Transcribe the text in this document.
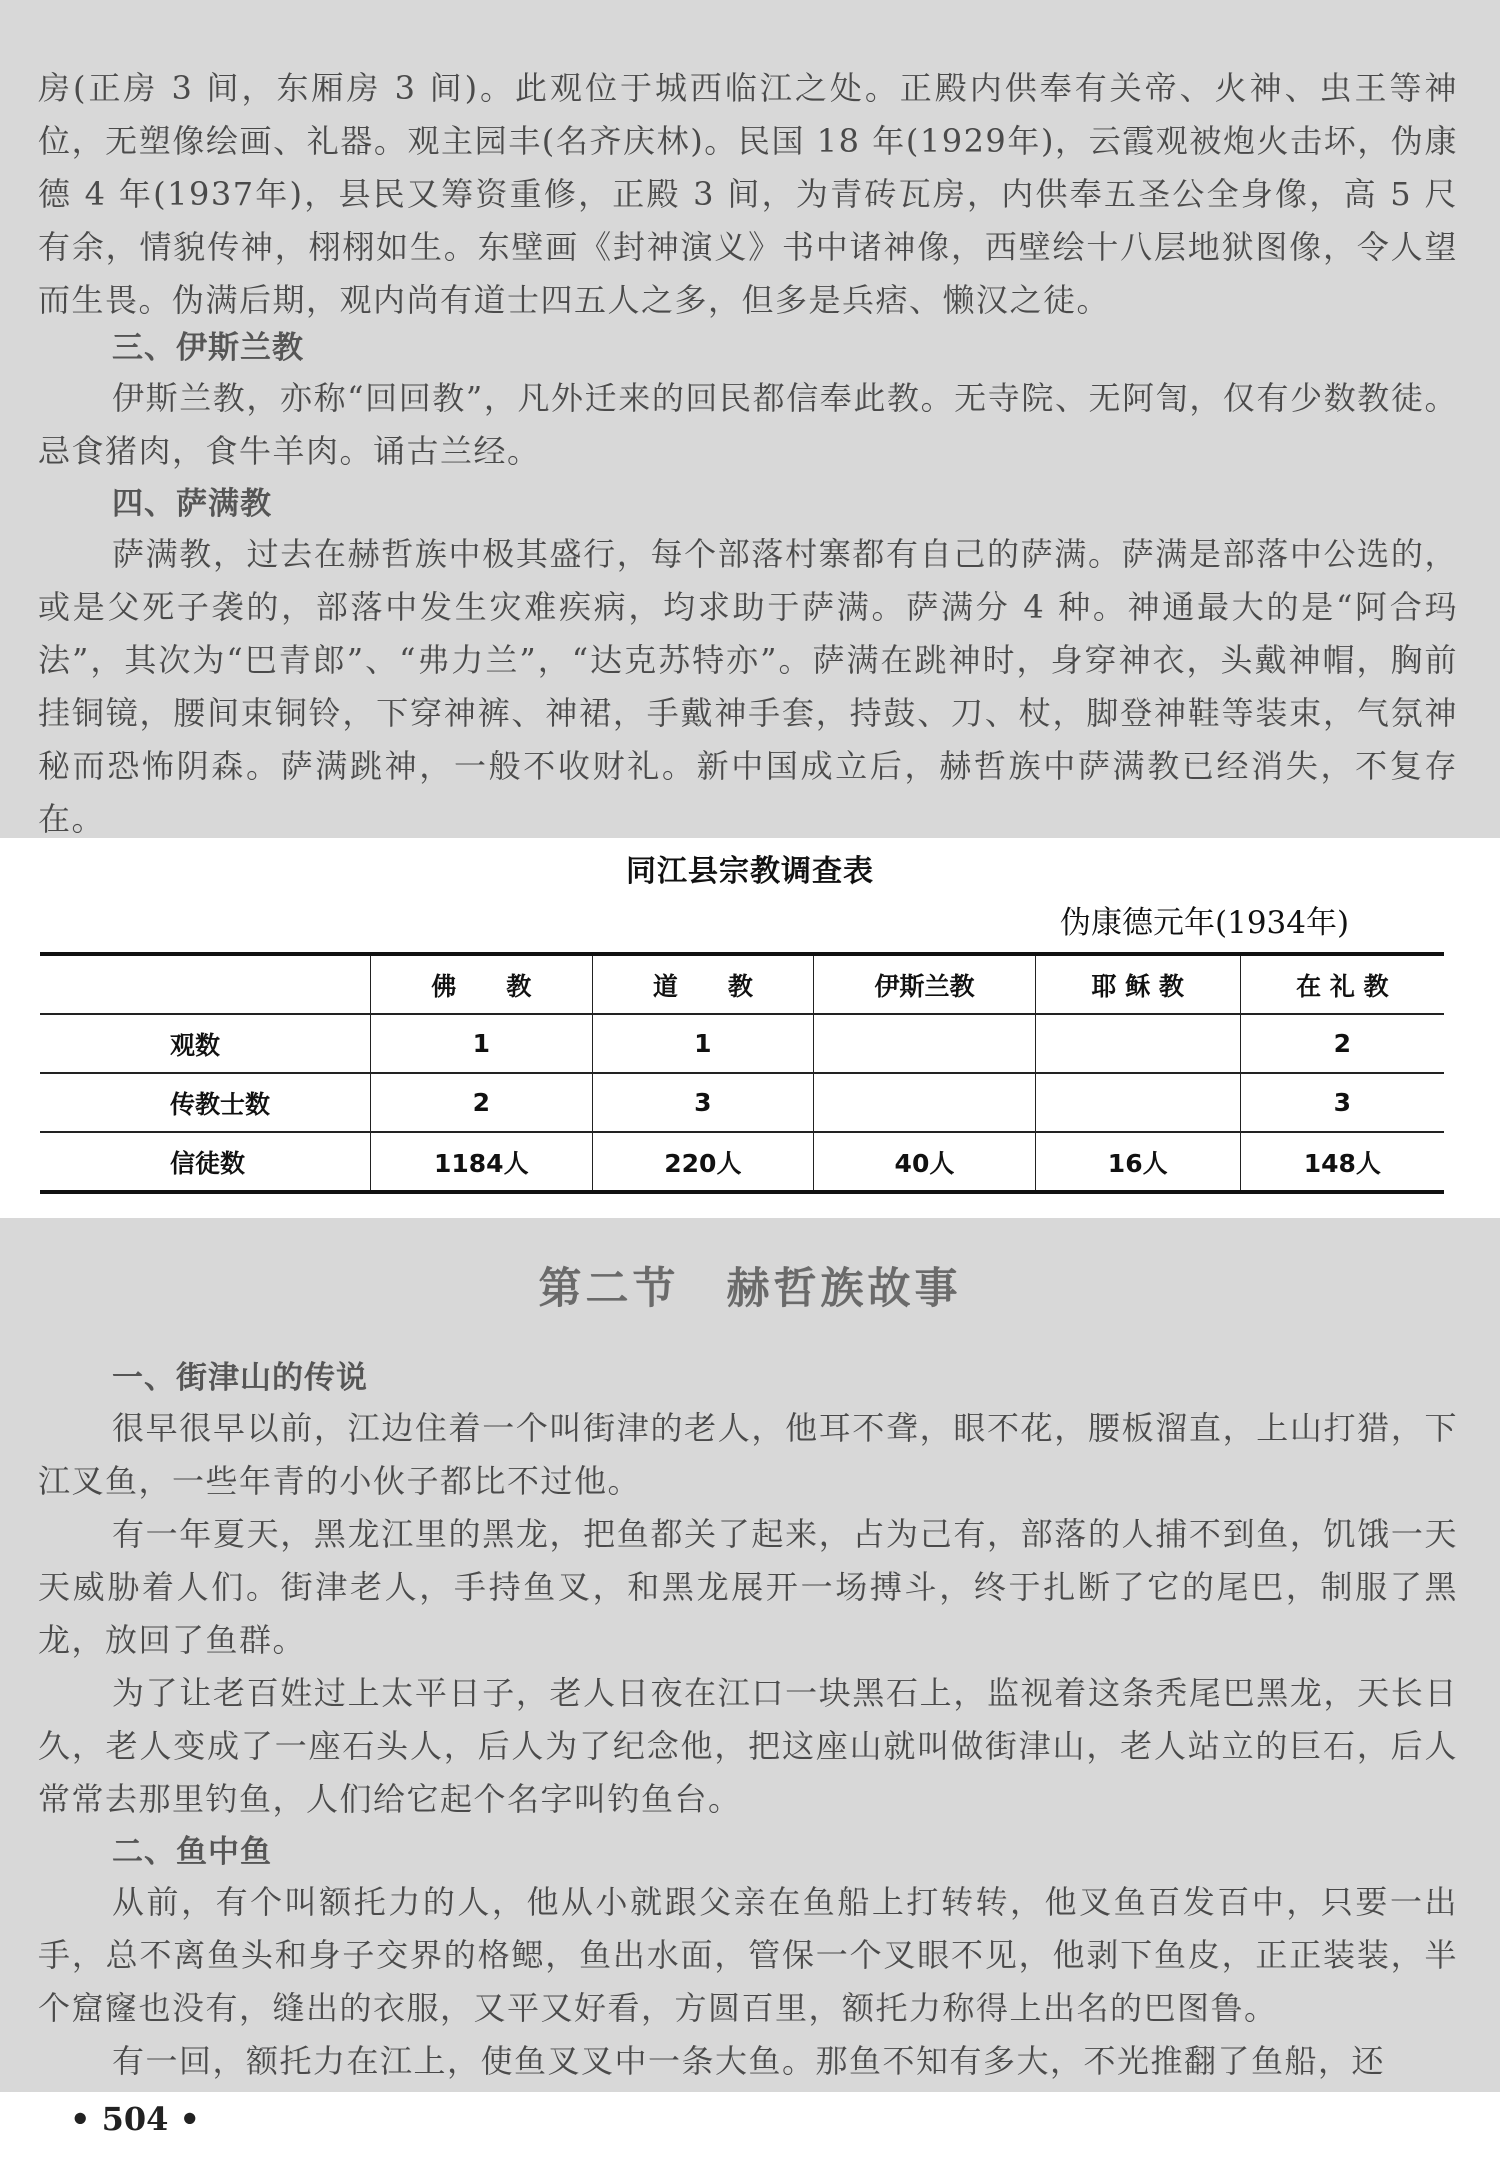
房(正房 3 间，东厢房 3 间)。此观位于城西临江之处。正殿内供奉有关帝、火神、虫王等神位，无塑像绘画、礼器。观主园丰(名齐庆林)。民国 18 年(1929年)，云霞观被炮火击坏，伪康德 4 年(1937年)，县民又筹资重修，正殿 3 间，为青砖瓦房，内供奉五圣公全身像，高 5 尺有余，情貌传神，栩栩如生。东壁画《封神演义》书中诸神像，西壁绘十八层地狱图像，令人望而生畏。伪满后期，观内尚有道士四五人之多，但多是兵痞、懒汉之徒。

三、伊斯兰教

伊斯兰教，亦称“回回教”，凡外迁来的回民都信奉此教。无寺院、无阿訇，仅有少数教徒。忌食猪肉，食牛羊肉。诵古兰经。

四、萨满教

萨满教，过去在赫哲族中极其盛行，每个部落村寨都有自己的萨满。萨满是部落中公选的，或是父死子袭的，部落中发生灾难疾病，均求助于萨满。萨满分 4 种。神通最大的是“阿合玛法”，其次为“巴青郎”、“弗力兰”，“达克苏特亦”。萨满在跳神时，身穿神衣，头戴神帽，胸前挂铜镜，腰间束铜铃，下穿神裤、神裙，手戴神手套，持鼓、刀、杖，脚登神鞋等装束，气氛神秘而恐怖阴森。萨满跳神，一般不收财礼。新中国成立后，赫哲族中萨满教已经消失，不复存在。

同江县宗教调查表
伪康德元年(1934年)
	佛　　教	道　　教	伊斯兰教	耶 稣 教	在 礼 教
观数	1	1			2
传教士数	2	3			3
信徒数	1184人	220人	40人	16人	148人
第二节　赫哲族故事

一、街津山的传说

很早很早以前，江边住着一个叫街津的老人，他耳不聋，眼不花，腰板溜直，上山打猎，下江叉鱼，一些年青的小伙子都比不过他。

有一年夏天，黑龙江里的黑龙，把鱼都关了起来，占为己有，部落的人捕不到鱼，饥饿一天天威胁着人们。街津老人，手持鱼叉，和黑龙展开一场搏斗，终于扎断了它的尾巴，制服了黑龙，放回了鱼群。

为了让老百姓过上太平日子，老人日夜在江口一块黑石上，监视着这条秃尾巴黑龙，天长日久，老人变成了一座石头人，后人为了纪念他，把这座山就叫做街津山，老人站立的巨石，后人常常去那里钓鱼，人们给它起个名字叫钓鱼台。

二、鱼中鱼

从前，有个叫额托力的人，他从小就跟父亲在鱼船上打转转，他叉鱼百发百中，只要一出手，总不离鱼头和身子交界的格鳃，鱼出水面，管保一个叉眼不见，他剥下鱼皮，正正装装，半个窟窿也没有，缝出的衣服，又平又好看，方圆百里，额托力称得上出名的巴图鲁。

有一回，额托力在江上，使鱼叉叉中一条大鱼。那鱼不知有多大，不光推翻了鱼船，还

• 504 •
